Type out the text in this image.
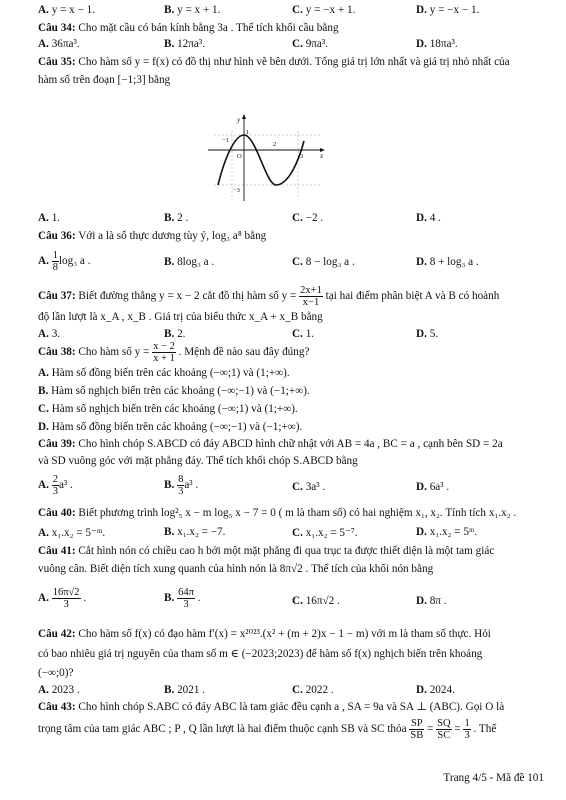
A. y = x − 1.	B. y = x + 1.	C. y = −x + 1.	D. y = −x − 1.
Câu 34: Cho mặt cầu có bán kính bằng 3a . Thể tích khối cầu bằng
A. 36πa³.	B. 12πa³.	C. 9πa³.	D. 18πa³.
Câu 35: Cho hàm số y = f(x) có đồ thị như hình vẽ bên dưới. Tổng giá trị lớn nhất và giá trị nhỏ nhất của
hàm số trên đoạn [−1;3] bằng
y
x
1
−1
O
2
3
−3
A. 1.	B. 2 .	C. −2 .	D. 4 .
Câu 36: Với a là số thực dương tùy ý, log₃ a⁸ bằng
A. $\frac{1}{8} \log_3$ a .	B. 8log₃ a .	C. 8 − log₃ a .	D. 8 + log₃ a .
Câu 37: Biết đường thẳng y = x − 2 cắt đồ thị hàm số $y = \frac{2x+1}{x-1}$ tại hai điểm phân biệt A và B có hoành
độ lần lượt là x_A , x_B . Giá trị của biểu thức x_A + x_B bằng
A. 3.	B. 2.	C. 1.	D. 5.
Câu 38: Cho hàm số $y = \frac{x - 2}{x + 1}$ . Mệnh đề nào sau đây đúng?
A. Hàm số đồng biến trên các khoảng (−∞;1) và (1;+∞).
B. Hàm số nghịch biến trên các khoảng (−∞;−1) và (−1;+∞).
C. Hàm số nghịch biến trên các khoảng (−∞;1) và (1;+∞).
D. Hàm số đồng biến trên các khoảng (−∞;−1) và (−1;+∞).
Câu 39: Cho hình chóp S.ABCD có đáy ABCD hình chữ nhật với AB = 4a , BC = a , cạnh bên SD = 2a
và SD vuông góc với mặt phẳng đáy. Thể tích khối chóp S.ABCD bằng
A. $\frac{2}{3} a^3$ .	B. $\frac{8}{3} a^3$ .	C. 3a³ .	D. 6a³ .
Câu 40: Biết phương trình log²₅ x − m log₅ x − 7 = 0 ( m là tham số) có hai nghiệm x₁, x₂. Tính tích x₁.x₂ .
A. x₁.x₂ = 5⁻ᵐ.	B. x₁.x₂ = −7.	C. x₁.x₂ = 5⁻⁷.	D. x₁.x₂ = 5ᵐ.
Câu 41: Cắt hình nón có chiều cao h bởi một mặt phẳng đi qua trục ta được thiết diện là một tam giác
vuông cân. Biết diện tích xung quanh của hình nón là 8π√2 . Thể tích của khối nón bằng
A. $\frac{16\pi√2}{3}$ .	B. $\frac{64\pi}{3}$ .	C. 16π√2 .	D. 8π .
Câu 42: Cho hàm số f(x) có đạo hàm f′(x) = x²⁰²³.(x² + (m + 2)x − 1 − m) với m là tham số thực. Hỏi
có bao nhiêu giá trị nguyên của tham số m ∈ (−2023;2023) để hàm số f(x) nghịch biến trên khoảng
(−∞;0)?
A. 2023 .	B. 2021 .	C. 2022 .	D. 2024.
Câu 43: Cho hình chóp S.ABC có đáy ABC là tam giác đều cạnh a , SA = 9a và SA ⊥ (ABC). Gọi O là
trọng tâm của tam giác ABC ; P , Q lần lượt là hai điểm thuộc cạnh SB và SC thỏa $\frac{SP}{SB} = \frac{SQ}{SC} = \frac{1}{3}$ . Thể
Trang 4/5 - Mã đề 101
